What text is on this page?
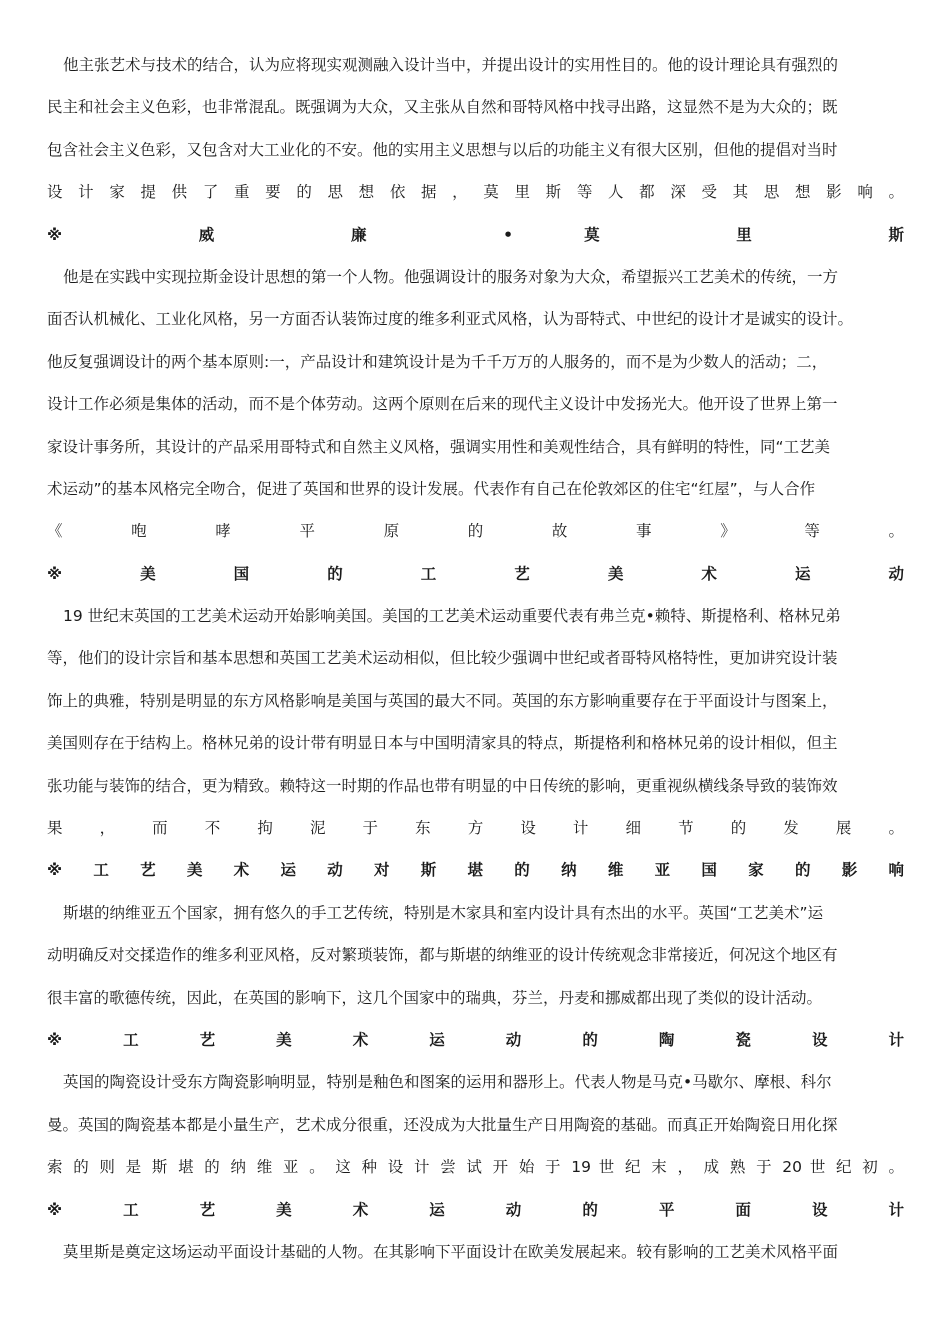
他主张艺术与技术的结合，认为应将现实观测融入设计当中，并提出设计的实用性目的。他的设计理论具有强烈的
民主和社会主义色彩，也非常混乱。既强调为大众，又主张从自然和哥特风格中找寻出路，这显然不是为大众的；既
包含社会主义色彩，又包含对大工业化的不安。他的实用主义思想与以后的功能主义有很大区别，但他的提倡对当时
设 计 家 提 供 了 重 要 的 思 想 依 据 ， 莫 里 斯 等 人 都 深 受 其 思 想 影 响 。
※ 威 廉 • 莫 里 斯
他是在实践中实现拉斯金设计思想的第一个人物。他强调设计的服务对象为大众，希望振兴工艺美术的传统，一方
面否认机械化、工业化风格，另一方面否认装饰过度的维多利亚式风格，认为哥特式、中世纪的设计才是诚实的设计。
他反复强调设计的两个基本原则:一，产品设计和建筑设计是为千千万万的人服务的，而不是为少数人的活动；二，
设计工作必须是集体的活动，而不是个体劳动。这两个原则在后来的现代主义设计中发扬光大。他开设了世界上第一
家设计事务所，其设计的产品采用哥特式和自然主义风格，强调实用性和美观性结合，具有鲜明的特性，同“工艺美
术运动”的基本风格完全吻合，促进了英国和世界的设计发展。代表作有自己在伦敦郊区的住宅“红屋”，与人合作
《 咆 哮 平 原 的 故 事 》 等 。
※ 美 国 的 工 艺 美 术 运 动
19 世纪末英国的工艺美术运动开始影响美国。美国的工艺美术运动重要代表有弗兰克•赖特、斯提格利、格林兄弟
等，他们的设计宗旨和基本思想和英国工艺美术运动相似，但比较少强调中世纪或者哥特风格特性，更加讲究设计装
饰上的典雅，特别是明显的东方风格影响是美国与英国的最大不同。英国的东方影响重要存在于平面设计与图案上，
美国则存在于结构上。格林兄弟的设计带有明显日本与中国明清家具的特点，斯提格利和格林兄弟的设计相似，但主
张功能与装饰的结合，更为精致。赖特这一时期的作品也带有明显的中日传统的影响，更重视纵横线条导致的装饰效
果 ， 而 不 拘 泥 于 东 方 设 计 细 节 的 发 展 。
※ 工 艺 美 术 运 动 对 斯 堪 的 纳 维 亚 国 家 的 影 响
斯堪的纳维亚五个国家，拥有悠久的手工艺传统，特别是木家具和室内设计具有杰出的水平。英国“工艺美术”运
动明确反对交揉造作的维多利亚风格，反对繁琐装饰，都与斯堪的纳维亚的设计传统观念非常接近，何况这个地区有
很丰富的歌德传统，因此，在英国的影响下，这几个国家中的瑞典，芬兰，丹麦和挪威都出现了类似的设计活动。
※ 工 艺 美 术 运 动 的 陶 瓷 设 计
英国的陶瓷设计受东方陶瓷影响明显，特别是釉色和图案的运用和器形上。代表人物是马克•马歇尔、摩根、科尔
曼。英国的陶瓷基本都是小量生产，艺术成分很重，还没成为大批量生产日用陶瓷的基础。而真正开始陶瓷日用化探
索 的 则 是 斯 堪 的 纳 维 亚 。 这 种 设 计 尝 试 开 始 于 19 世 纪 末 ， 成 熟 于 20 世 纪 初 。
※ 工 艺 美 术 运 动 的 平 面 设 计
莫里斯是奠定这场运动平面设计基础的人物。在其影响下平面设计在欧美发展起来。较有影响的工艺美术风格平面
